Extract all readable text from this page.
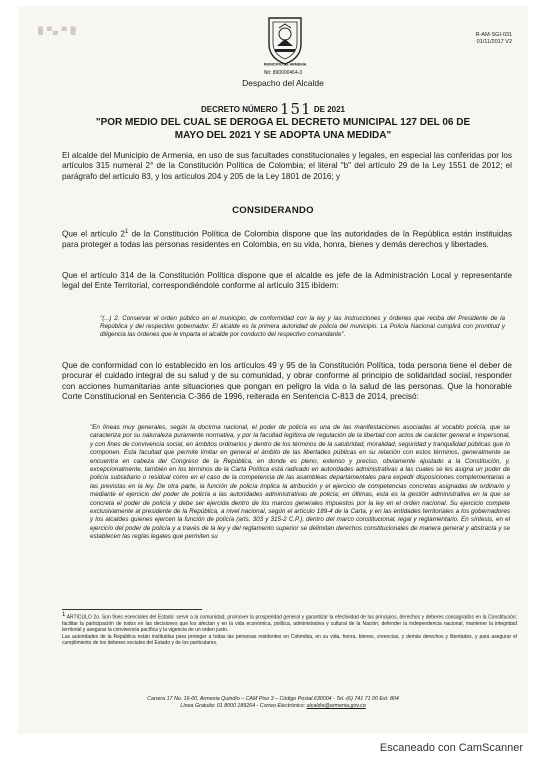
█ ▀▄ ▀ █
MUNICIPIO DE ARMENIA
Nit: 890000464-3
Despacho del Alcalde
R-AM-SGI-031
01/11/2017 V2
DECRETO NÚMERO 151 DE 2021
"POR MEDIO DEL CUAL SE DEROGA EL DECRETO MUNICIPAL 127 DEL 06 DE MAYO DEL 2021 Y SE ADOPTA UNA MEDIDA"
El alcalde del Municipio de Armenia, en uso de sus facultades constitucionales y legales, en especial las conferidas por los artículos 315 numeral 2° de la Constitución Política de Colombia; el literal "b" del artículo 29 de la Ley 1551 de 2012; el parágrafo del artículo 83, y los artículos 204 y 205 de la Ley 1801 de 2016; y
CONSIDERANDO
Que el artículo $2^1$ de la Constitución Política de Colombia dispone que las autoridades de la República están instituidas para proteger a todas las personas residentes en Colombia, en su vida, honra, bienes y demás derechos y libertades.
Que el artículo 314 de la Constitución Política dispone que el alcalde es jefe de la Administración Local y representante legal del Ente Territorial, correspondiéndole conforme al artículo 315 ibídem:
"(...) 2. Conservar el orden público en el municipio, de conformidad con la ley y las instrucciones y órdenes que reciba del Presidente de la República y del respectivo gobernador. El alcalde es la primera autoridad de policía del municipio. La Policía Nacional cumplirá con prontitud y diligencia las órdenes que le imparta el alcalde por conducto del respectivo comandante".
Que de conformidad con lo establecido en los artículos 49 y 95 de la Constitución Política, toda persona tiene el deber de procurar el cuidado integral de su salud y de su comunidad, y obrar conforme al principio de solidaridad social, responder con acciones humanitarias ante situaciones que pongan en peligro la vida o la salud de las personas. Que la honorable Corte Constitucional en Sentencia C-366 de 1996, reiterada en Sentencia C-813 de 2014, precisó:
"En líneas muy generales, según la doctrina nacional, el poder de policía es una de las manifestaciones asociadas al vocablo policía, que se caracteriza por su naturaleza puramente normativa, y por la facultad legítima de regulación de la libertad con actos de carácter general e impersonal, y con fines de convivencia social, en ámbitos ordinarios y dentro de los términos de la salubridad, moralidad, seguridad y tranquilidad públicas que lo componen. Esta facultad que permite limitar en general el ámbito de las libertades públicas en su relación con estos términos, generalmente se encuentra en cabeza del Congreso de la República, en donde es pleno, extenso y preciso, obviamente ajustado a la Constitución, y, excepcionalmente, también en los términos de la Carta Política está radicado en autoridades administrativas a las cuales se les asigna un poder de policía subsidiario o residual como en el caso de la competencia de las asambleas departamentales para expedir disposiciones complementarias a las previstas en la ley. De otra parte, la función de policía implica la atribución y el ejercicio de competencias concretas asignadas de ordinario y mediante el ejercicio del poder de policía a las autoridades administrativas de policía; en últimas, esta es la gestión administrativa en la que se concreta el poder de policía y debe ser ejercida dentro de los marcos generales impuestos por la ley en el orden nacional. Su ejercicio compete exclusivamente al presidente de la República, a nivel nacional, según el artículo 189-4 de la Carta, y en las entidades territoriales a los gobernadores y los alcaldes quienes ejercen la función de policía (arts. 303 y 315-2 C.P.), dentro del marco constitucional, legal y reglamentario. En síntesis, en el ejercicio del poder de policía y a través de la ley y del reglamento superior se delimitan derechos constitucionales de manera general y abstracta y se establecen las reglas legales que permiten su
$^1$ ARTICULO 2o. Son fines esenciales del Estado: servir a la comunidad, promover la prosperidad general y garantizar la efectividad de los principios, derechos y deberes consagrados en la Constitución; facilitar la participación de todos en las decisiones que los afectan y en la vida económica, política, administrativa y cultural de la Nación; defender la independencia nacional, mantener la integridad territorial y asegurar la convivencia pacífica y la vigencia de un orden justo.
Las autoridades de la República están instituidas para proteger a todas las personas residentes en Colombia, en su vida, honra, bienes, creencias, y demás derechos y libertades, y para asegurar el cumplimiento de los deberes sociales del Estado y de los particulares.
Carrera 17 No. 16-00, Armenia Quindío – CAM Piso 3 – Código Postal.630004 - Tel.-(6) 741 71 00 Ext. 804
Línea Gratuita: 01 8000 189264 - Correo Electrónico: alcaldia@armenia.gov.co
Escaneado con CamScanner
